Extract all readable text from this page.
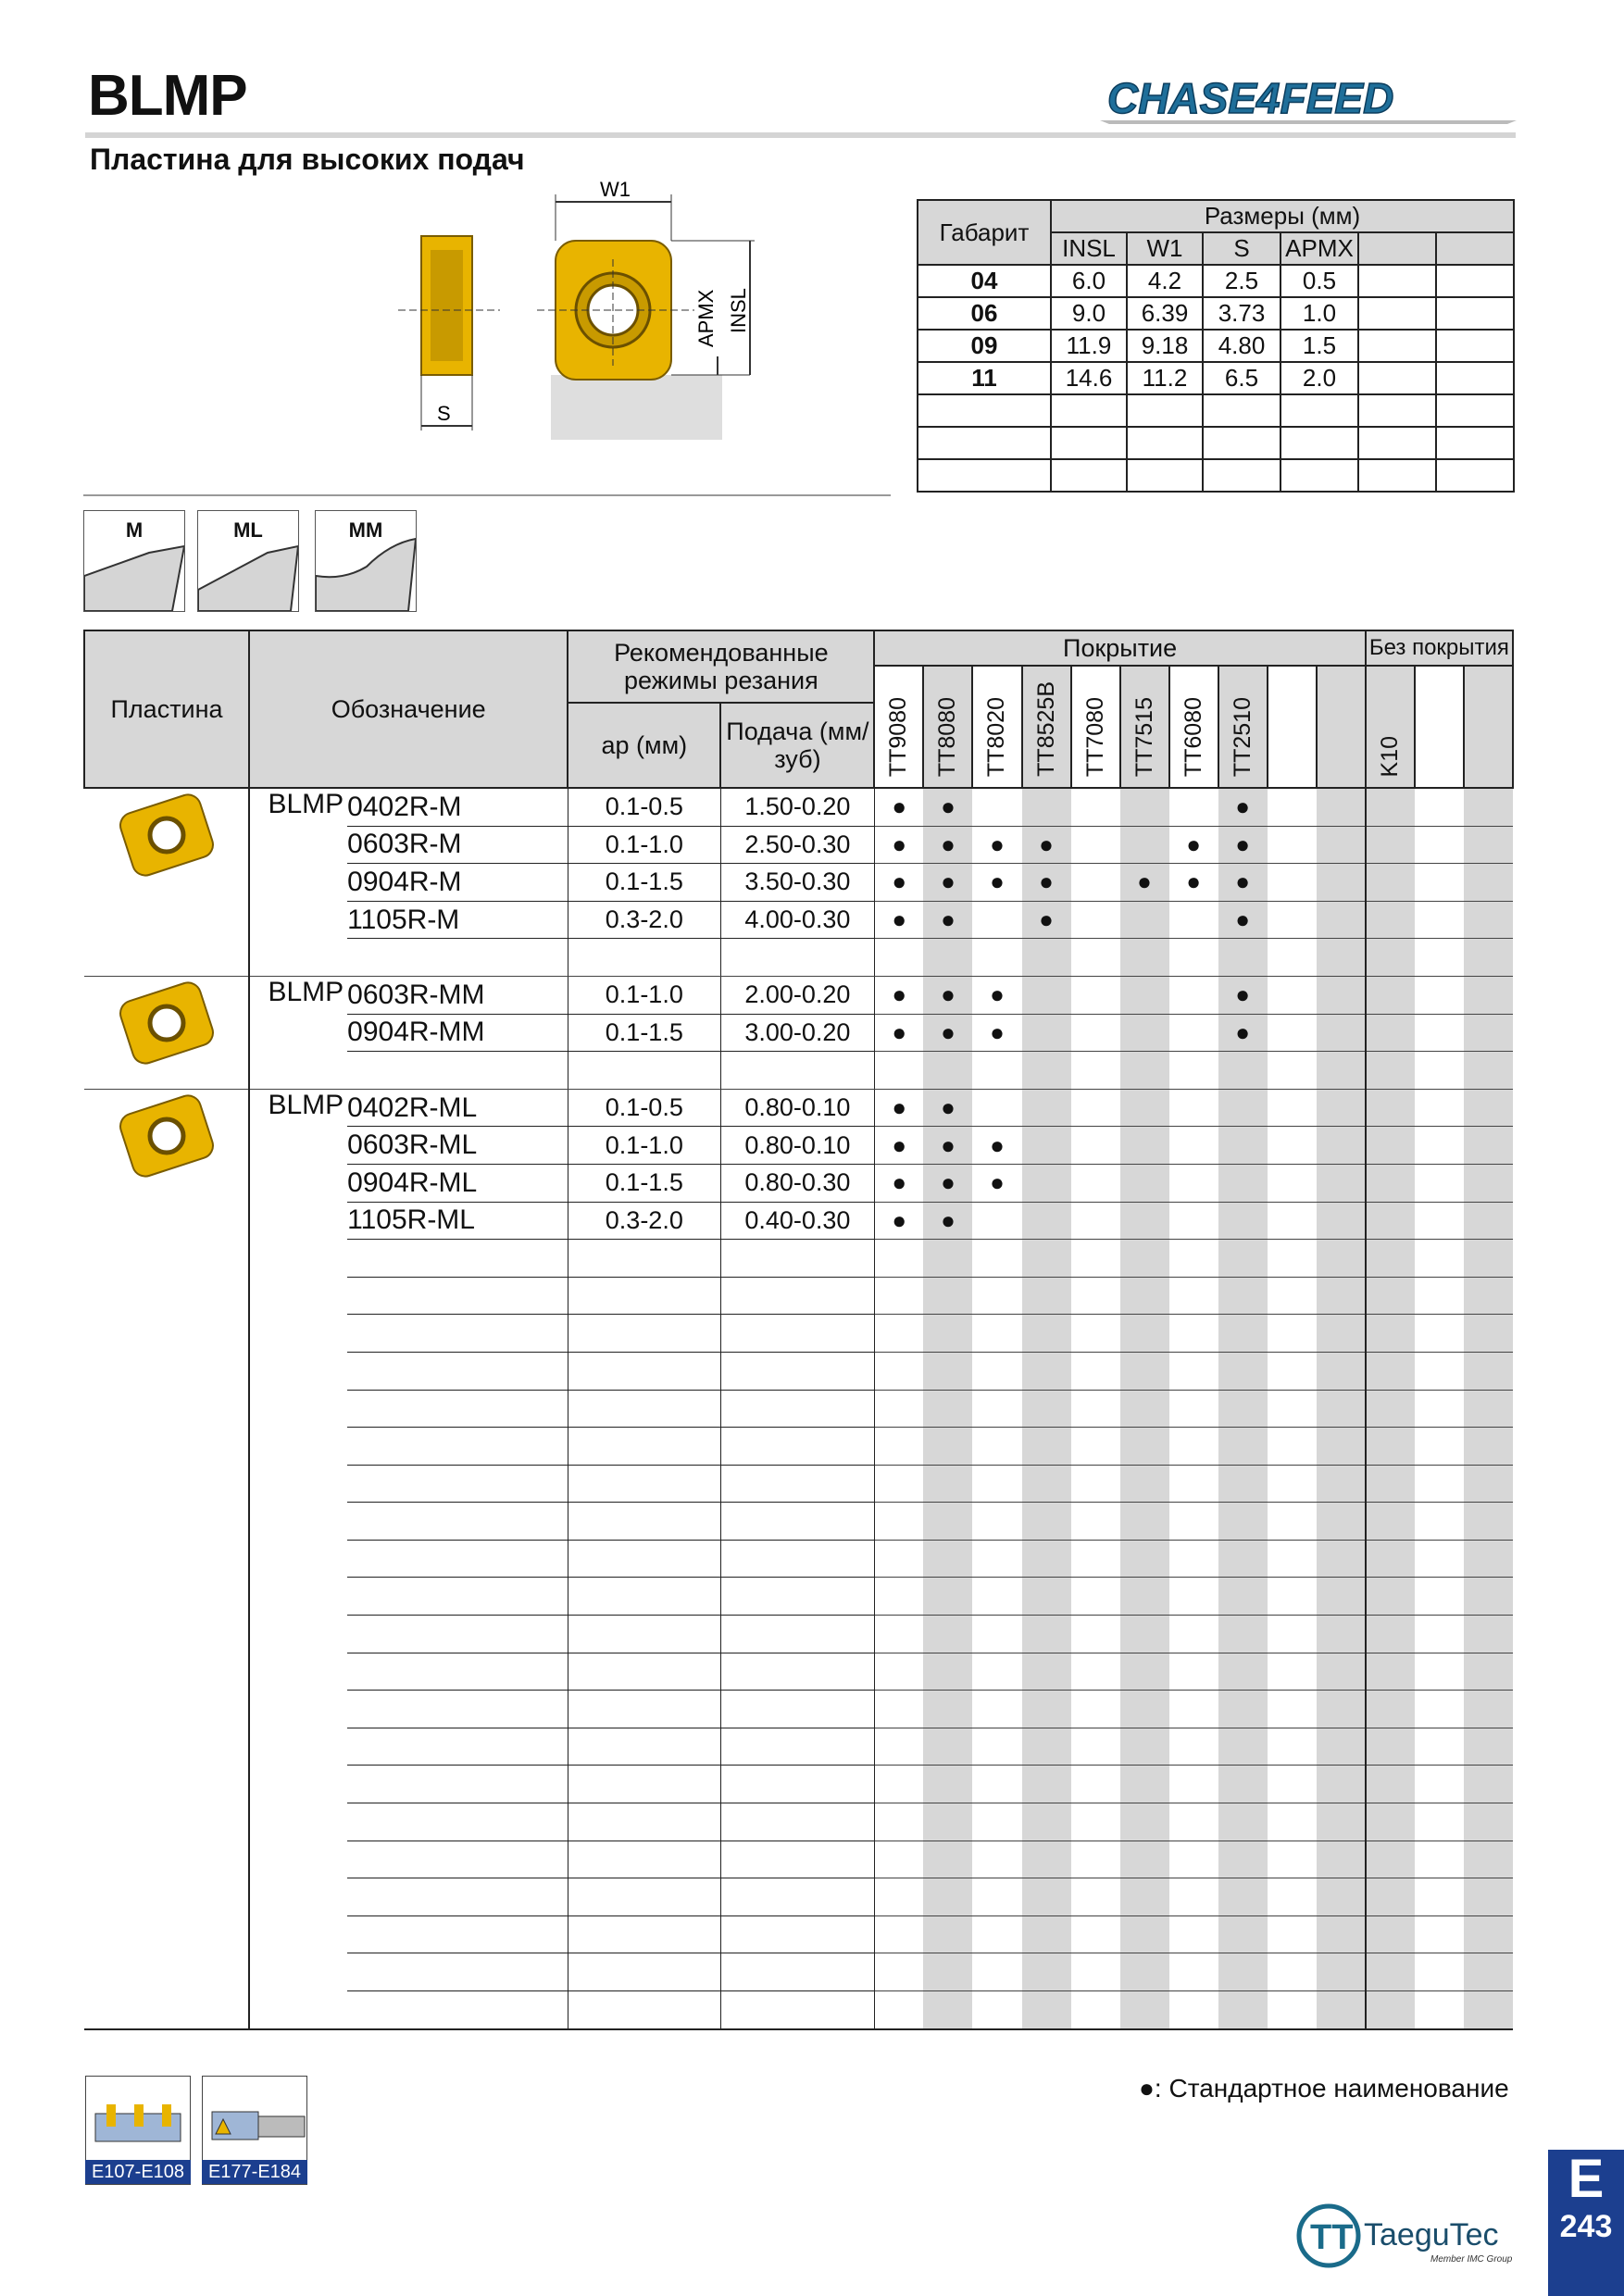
BLMP	CHASE4FEED
Пластина для высоких подач
S
W1
APMX INSL
Габарит	Размеры (мм)					
	INSL	W1	S	APMX		
04	6.0	4.2	2.5	0.5		
06	9.0	6.39	3.73	1.0		
09	11.9	9.18	4.80	1.5		
11	14.6	11.2	6.5	2.0		

M	ML	MM
Пластина	Обозначение		Рекомендованные режимы резания		Покрытие										Без покрытия		
					TT9080	TT8080	TT8020	TT8525B	TT7080	TT7515	TT6080	TT2510			K10		
			ap (мм)	Подача (мм/зуб)													
	BLMP	0402R-M	0.1-0.5	1.50-0.20	●	●						●					
		0603R-M	0.1-1.0	2.50-0.30	●	●	●	●			●	●					
		0904R-M	0.1-1.5	3.50-0.30	●	●	●	●		●	●	●					
		1105R-M	0.3-2.0	4.00-0.30	●	●		●				●					

	BLMP	0603R-MM	0.1-1.0	2.00-0.20	●	●	●					●					
		0904R-MM	0.1-1.5	3.00-0.20	●	●	●					●					

	BLMP	0402R-ML	0.1-0.5	0.80-0.10	●	●											
		0603R-ML	0.1-1.0	0.80-0.10	●	●	●										
		0904R-ML	0.1-1.5	0.80-0.30	●	●	●										
		1105R-ML	0.3-2.0	0.40-0.30	●	●											

E107-E108	E177-E184
●: Стандартное наименование
TT TaeguTec
Member IMC Group
E
243
